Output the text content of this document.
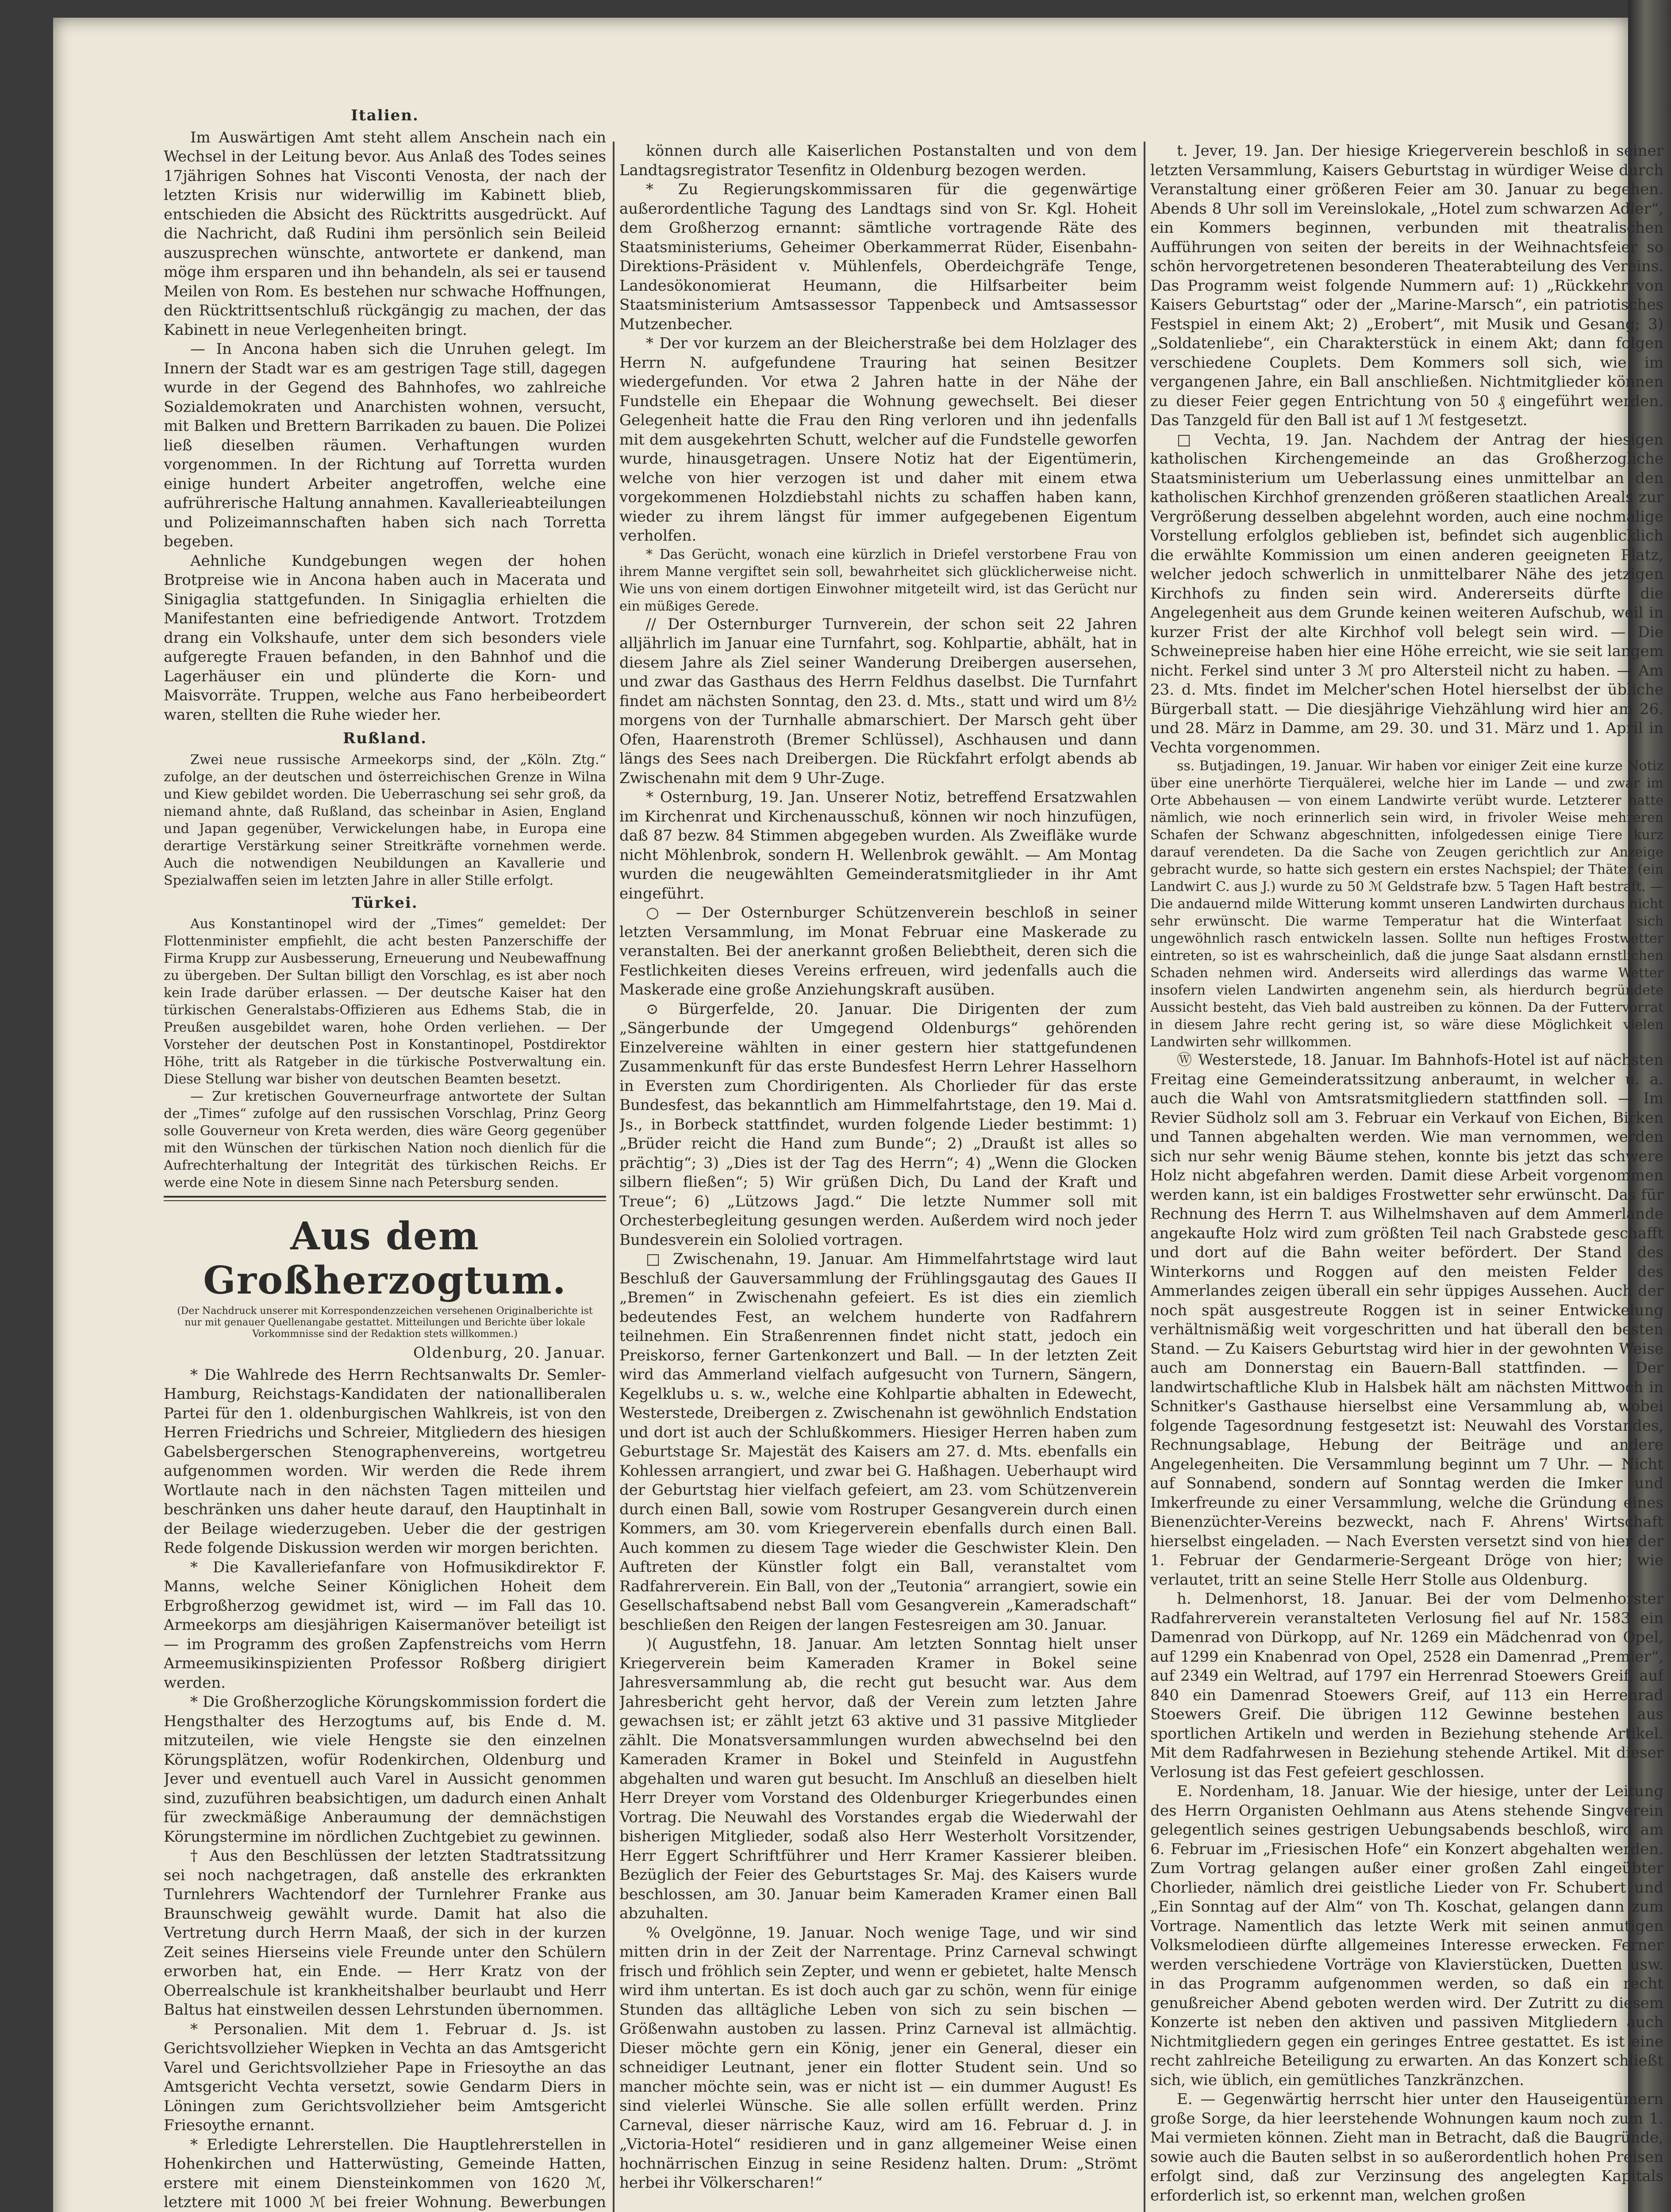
Italien.

Im Auswärtigen Amt steht allem Anschein nach ein Wechsel in der Leitung bevor. Aus Anlaß des Todes seines 17jährigen Sohnes hat Visconti Venosta, der nach der letzten Krisis nur widerwillig im Kabinett blieb, entschieden die Absicht des Rücktritts ausgedrückt. Auf die Nachricht, daß Rudini ihm persönlich sein Beileid auszusprechen wünschte, antwortete er dankend, man möge ihm ersparen und ihn behandeln, als sei er tausend Meilen von Rom. Es bestehen nur schwache Hoffnungen, den Rücktrittsentschluß rückgängig zu machen, der das Kabinett in neue Verlegenheiten bringt.

— In Ancona haben sich die Unruhen gelegt. Im Innern der Stadt war es am gestrigen Tage still, dagegen wurde in der Gegend des Bahnhofes, wo zahlreiche Sozialdemokraten und Anarchisten wohnen, versucht, mit Balken und Brettern Barrikaden zu bauen. Die Polizei ließ dieselben räumen. Verhaftungen wurden vorgenommen. In der Richtung auf Torretta wurden einige hundert Arbeiter angetroffen, welche eine aufrührerische Haltung annahmen. Kavallerieabteilungen und Polizeimannschaften haben sich nach Torretta begeben.

Aehnliche Kundgebungen wegen der hohen Brotpreise wie in Ancona haben auch in Macerata und Sinigaglia stattgefunden. In Sinigaglia erhielten die Manifestanten eine befriedigende Antwort. Trotzdem drang ein Volkshaufe, unter dem sich besonders viele aufgeregte Frauen befanden, in den Bahnhof und die Lagerhäuser ein und plünderte die Korn- und Maisvorräte. Truppen, welche aus Fano herbeibeordert waren, stellten die Ruhe wieder her.

Rußland.

Zwei neue russische Armeekorps sind, der „Köln. Ztg.“ zufolge, an der deutschen und österreichischen Grenze in Wilna und Kiew gebildet worden. Die Ueberraschung sei sehr groß, da niemand ahnte, daß Rußland, das scheinbar in Asien, England und Japan gegenüber, Verwickelungen habe, in Europa eine derartige Verstärkung seiner Streitkräfte vornehmen werde. Auch die notwendigen Neubildungen an Kavallerie und Spezialwaffen seien im letzten Jahre in aller Stille erfolgt.

Türkei.

Aus Konstantinopel wird der „Times“ gemeldet: Der Flottenminister empfiehlt, die acht besten Panzerschiffe der Firma Krupp zur Ausbesserung, Erneuerung und Neubewaffnung zu übergeben. Der Sultan billigt den Vorschlag, es ist aber noch kein Irade darüber erlassen. — Der deutsche Kaiser hat den türkischen Generalstabs-Offizieren aus Edhems Stab, die in Preußen ausgebildet waren, hohe Orden verliehen. — Der Vorsteher der deutschen Post in Konstantinopel, Postdirektor Höhe, tritt als Ratgeber in die türkische Postverwaltung ein. Diese Stellung war bisher von deutschen Beamten besetzt.

— Zur kretischen Gouverneurfrage antwortete der Sultan der „Times“ zufolge auf den russischen Vorschlag, Prinz Georg solle Gouverneur von Kreta werden, dies wäre Georg gegenüber mit den Wünschen der türkischen Nation noch dienlich für die Aufrechterhaltung der Integrität des türkischen Reichs. Er werde eine Note in diesem Sinne nach Petersburg senden.

Aus dem Großherzogtum.
(Der Nachdruck unserer mit Korrespondenzzeichen versehenen Originalberichte ist nur mit genauer Quellenangabe gestattet. Mitteilungen und Berichte über lokale Vorkommnisse sind der Redaktion stets willkommen.)
Oldenburg, 20. Januar.

* Die Wahlrede des Herrn Rechtsanwalts Dr. Semler-Hamburg, Reichstags-Kandidaten der nationalliberalen Partei für den 1. oldenburgischen Wahlkreis, ist von den Herren Friedrichs und Schreier, Mitgliedern des hiesigen Gabelsbergerschen Stenographenvereins, wortgetreu aufgenommen worden. Wir werden die Rede ihrem Wortlaute nach in den nächsten Tagen mitteilen und beschränken uns daher heute darauf, den Hauptinhalt in der Beilage wiederzugeben. Ueber die der gestrigen Rede folgende Diskussion werden wir morgen berichten.

* Die Kavalleriefanfare von Hofmusikdirektor F. Manns, welche Seiner Königlichen Hoheit dem Erbgroßherzog gewidmet ist, wird — im Fall das 10. Armeekorps am diesjährigen Kaisermanöver beteiligt ist — im Programm des großen Zapfenstreichs vom Herrn Armeemusikinspizienten Professor Roßberg dirigiert werden.

* Die Großherzogliche Körungskommission fordert die Hengsthalter des Herzogtums auf, bis Ende d. M. mitzuteilen, wie viele Hengste sie den einzelnen Körungsplätzen, wofür Rodenkirchen, Oldenburg und Jever und eventuell auch Varel in Aussicht genommen sind, zuzuführen beabsichtigen, um dadurch einen Anhalt für zweckmäßige Anberaumung der demnächstigen Körungstermine im nördlichen Zuchtgebiet zu gewinnen.

† Aus den Beschlüssen der letzten Stadtratssitzung sei noch nachgetragen, daß anstelle des erkrankten Turnlehrers Wachtendorf der Turnlehrer Franke aus Braunschweig gewählt wurde. Damit hat also die Vertretung durch Herrn Maaß, der sich in der kurzen Zeit seines Hierseins viele Freunde unter den Schülern erworben hat, ein Ende. — Herr Kratz von der Oberrealschule ist krankheitshalber beurlaubt und Herr Baltus hat einstweilen dessen Lehrstunden übernommen.

* Personalien. Mit dem 1. Februar d. Js. ist Gerichtsvollzieher Wiepken in Vechta an das Amtsgericht Varel und Gerichtsvollzieher Pape in Friesoythe an das Amtsgericht Vechta versetzt, sowie Gendarm Diers in Löningen zum Gerichtsvollzieher beim Amtsgericht Friesoythe ernannt.

* Erledigte Lehrerstellen. Die Hauptlehrerstellen in Hohenkirchen und Hatterwüsting, Gemeinde Hatten, erstere mit einem Diensteinkommen von 1620 ℳ, letztere mit 1000 ℳ bei freier Wohnung. Bewerbungen

können durch alle Kaiserlichen Postanstalten und von dem Landtagsregistrator Tesenfitz in Oldenburg bezogen werden.

* Zu Regierungskommissaren für die gegenwärtige außerordentliche Tagung des Landtags sind von Sr. Kgl. Hoheit dem Großherzog ernannt: sämtliche vortragende Räte des Staatsministeriums, Geheimer Oberkammerrat Rüder, Eisenbahn-Direktions-Präsident v. Mühlenfels, Oberdeichgräfe Tenge, Landesökonomierat Heumann, die Hilfsarbeiter beim Staatsministerium Amtsassessor Tappenbeck und Amtsassessor Mutzenbecher.

* Der vor kurzem an der Bleicherstraße bei dem Holzlager des Herrn N. aufgefundene Trauring hat seinen Besitzer wiedergefunden. Vor etwa 2 Jahren hatte in der Nähe der Fundstelle ein Ehepaar die Wohnung gewechselt. Bei dieser Gelegenheit hatte die Frau den Ring verloren und ihn jedenfalls mit dem ausgekehrten Schutt, welcher auf die Fundstelle geworfen wurde, hinausgetragen. Unsere Notiz hat der Eigentümerin, welche von hier verzogen ist und daher mit einem etwa vorgekommenen Holzdiebstahl nichts zu schaffen haben kann, wieder zu ihrem längst für immer aufgegebenen Eigentum verholfen.

* Das Gerücht, wonach eine kürzlich in Driefel verstorbene Frau von ihrem Manne vergiftet sein soll, bewahrheitet sich glücklicherweise nicht. Wie uns von einem dortigen Einwohner mitgeteilt wird, ist das Gerücht nur ein müßiges Gerede.

// Der Osternburger Turnverein, der schon seit 22 Jahren alljährlich im Januar eine Turnfahrt, sog. Kohlpartie, abhält, hat in diesem Jahre als Ziel seiner Wanderung Dreibergen ausersehen, und zwar das Gasthaus des Herrn Feldhus daselbst. Die Turnfahrt findet am nächsten Sonntag, den 23. d. Mts., statt und wird um 8½ morgens von der Turnhalle abmarschiert. Der Marsch geht über Ofen, Haarenstroth (Bremer Schlüssel), Aschhausen und dann längs des Sees nach Dreibergen. Die Rückfahrt erfolgt abends ab Zwischenahn mit dem 9 Uhr-Zuge.

* Osternburg, 19. Jan. Unserer Notiz, betreffend Ersatzwahlen im Kirchenrat und Kirchenausschuß, können wir noch hinzufügen, daß 87 bezw. 84 Stimmen abgegeben wurden. Als Zweifläke wurde nicht Möhlenbrok, sondern H. Wellenbrok gewählt. — Am Montag wurden die neugewählten Gemeinderatsmitglieder in ihr Amt eingeführt.

○ — Der Osternburger Schützenverein beschloß in seiner letzten Versammlung, im Monat Februar eine Maskerade zu veranstalten. Bei der anerkannt großen Beliebtheit, deren sich die Festlichkeiten dieses Vereins erfreuen, wird jedenfalls auch die Maskerade eine große Anziehungskraft ausüben.

⊙ Bürgerfelde, 20. Januar. Die Dirigenten der zum „Sängerbunde der Umgegend Oldenburgs“ gehörenden Einzelvereine wählten in einer gestern hier stattgefundenen Zusammenkunft für das erste Bundesfest Herrn Lehrer Hasselhorn in Eversten zum Chordirigenten. Als Chorlieder für das erste Bundesfest, das bekanntlich am Himmelfahrtstage, den 19. Mai d. Js., in Borbeck stattfindet, wurden folgende Lieder bestimmt: 1) „Brüder reicht die Hand zum Bunde“; 2) „Draußt ist alles so prächtig“; 3) „Dies ist der Tag des Herrn“; 4) „Wenn die Glocken silbern fließen“; 5) Wir grüßen Dich, Du Land der Kraft und Treue“; 6) „Lützows Jagd.“ Die letzte Nummer soll mit Orchesterbegleitung gesungen werden. Außerdem wird noch jeder Bundesverein ein Sololied vortragen.

□ Zwischenahn, 19. Januar. Am Himmelfahrtstage wird laut Beschluß der Gauversammlung der Frühlingsgautag des Gaues II „Bremen“ in Zwischenahn gefeiert. Es ist dies ein ziemlich bedeutendes Fest, an welchem hunderte von Radfahrern teilnehmen. Ein Straßenrennen findet nicht statt, jedoch ein Preiskorso, ferner Gartenkonzert und Ball. — In der letzten Zeit wird das Ammerland vielfach aufgesucht von Turnern, Sängern, Kegelklubs u. s. w., welche eine Kohlpartie abhalten in Edewecht, Westerstede, Dreibergen z. Zwischenahn ist gewöhnlich Endstation und dort ist auch der Schlußkommers. Hiesiger Herren haben zum Geburtstage Sr. Majestät des Kaisers am 27. d. Mts. ebenfalls ein Kohlessen arrangiert, und zwar bei G. Haßhagen. Ueberhaupt wird der Geburtstag hier vielfach gefeiert, am 23. vom Schützenverein durch einen Ball, sowie vom Rostruper Gesangverein durch einen Kommers, am 30. vom Kriegerverein ebenfalls durch einen Ball. Auch kommen zu diesem Tage wieder die Geschwister Klein. Den Auftreten der Künstler folgt ein Ball, veranstaltet vom Radfahrerverein. Ein Ball, von der „Teutonia“ arrangiert, sowie ein Gesellschaftsabend nebst Ball vom Gesangverein „Kameradschaft“ beschließen den Reigen der langen Festesreigen am 30. Januar.

)( Augustfehn, 18. Januar. Am letzten Sonntag hielt unser Kriegerverein beim Kameraden Kramer in Bokel seine Jahresversammlung ab, die recht gut besucht war. Aus dem Jahresbericht geht hervor, daß der Verein zum letzten Jahre gewachsen ist; er zählt jetzt 63 aktive und 31 passive Mitglieder zählt. Die Monatsversammlungen wurden abwechselnd bei den Kameraden Kramer in Bokel und Steinfeld in Augustfehn abgehalten und waren gut besucht. Im Anschluß an dieselben hielt Herr Dreyer vom Vorstand des Oldenburger Kriegerbundes einen Vortrag. Die Neuwahl des Vorstandes ergab die Wiederwahl der bisherigen Mitglieder, sodaß also Herr Westerholt Vorsitzender, Herr Eggert Schriftführer und Herr Kramer Kassierer bleiben. Bezüglich der Feier des Geburtstages Sr. Maj. des Kaisers wurde beschlossen, am 30. Januar beim Kameraden Kramer einen Ball abzuhalten.

% Ovelgönne, 19. Januar. Noch wenige Tage, und wir sind mitten drin in der Zeit der Narrentage. Prinz Carneval schwingt frisch und fröhlich sein Zepter, und wenn er gebietet, halte Mensch wird ihm untertan. Es ist doch auch gar zu schön, wenn für einige Stunden das alltägliche Leben von sich zu sein bischen — Größenwahn austoben zu lassen. Prinz Carneval ist allmächtig. Dieser möchte gern ein König, jener ein General, dieser ein schneidiger Leutnant, jener ein flotter Student sein. Und so mancher möchte sein, was er nicht ist — ein dummer August! Es sind vielerlei Wünsche. Sie alle sollen erfüllt werden. Prinz Carneval, dieser närrische Kauz, wird am 16. Februar d. J. in „Victoria-Hotel“ residieren und in ganz allgemeiner Weise einen hochnärrischen Einzug in seine Residenz halten. Drum: „Strömt herbei ihr Völkerscharen!“

t. Jever, 19. Jan. Der hiesige Kriegerverein beschloß in seiner letzten Versammlung, Kaisers Geburtstag in würdiger Weise durch Veranstaltung einer größeren Feier am 30. Januar zu begehen. Abends 8 Uhr soll im Vereinslokale, „Hotel zum schwarzen Adler“, ein Kommers beginnen, verbunden mit theatralischen Aufführungen von seiten der bereits in der Weihnachtsfeier so schön hervorgetretenen besonderen Theaterabteilung des Vereins. Das Programm weist folgende Nummern auf: 1) „Rückkehr von Kaisers Geburtstag“ oder der „Marine-Marsch“, ein patriotisches Festspiel in einem Akt; 2) „Erobert“, mit Musik und Gesang; 3) „Soldatenliebe“, ein Charakterstück in einem Akt; dann folgen verschiedene Couplets. Dem Kommers soll sich, wie im vergangenen Jahre, ein Ball anschließen. Nichtmitglieder können zu dieser Feier gegen Entrichtung von 50 ₰ eingeführt werden. Das Tanzgeld für den Ball ist auf 1 ℳ festgesetzt.

□ Vechta, 19. Jan. Nachdem der Antrag der hiesigen katholischen Kirchengemeinde an das Großherzogliche Staatsministerium um Ueberlassung eines unmittelbar an den katholischen Kirchhof grenzenden größeren staatlichen Areals zur Vergrößerung desselben abgelehnt worden, auch eine nochmalige Vorstellung erfolglos geblieben ist, befindet sich augenblicklich die erwählte Kommission um einen anderen geeigneten Platz, welcher jedoch schwerlich in unmittelbarer Nähe des jetzigen Kirchhofs zu finden sein wird. Andererseits dürfte die Angelegenheit aus dem Grunde keinen weiteren Aufschub, weil in kurzer Frist der alte Kirchhof voll belegt sein wird. — Die Schweinepreise haben hier eine Höhe erreicht, wie sie seit langem nicht. Ferkel sind unter 3 ℳ pro Altersteil nicht zu haben. — Am 23. d. Mts. findet im Melcher'schen Hotel hierselbst der übliche Bürgerball statt. — Die diesjährige Viehzählung wird hier am 26. und 28. März in Damme, am 29. 30. und 31. März und 1. April in Vechta vorgenommen.

ss. Butjadingen, 19. Januar. Wir haben vor einiger Zeit eine kurze Notiz über eine unerhörte Tierquälerei, welche hier im Lande — und zwar im Orte Abbehausen — von einem Landwirte verübt wurde. Letzterer hatte nämlich, wie noch erinnerlich sein wird, in frivoler Weise mehreren Schafen der Schwanz abgeschnitten, infolgedessen einige Tiere kurz darauf verendeten. Da die Sache von Zeugen gerichtlich zur Anzeige gebracht wurde, so hatte sich gestern ein erstes Nachspiel; der Thäter (ein Landwirt C. aus J.) wurde zu 50 ℳ Geldstrafe bzw. 5 Tagen Haft bestraft. — Die andauernd milde Witterung kommt unseren Landwirten durchaus nicht sehr erwünscht. Die warme Temperatur hat die Winterfaat sich ungewöhnlich rasch entwickeln lassen. Sollte nun heftiges Frostwetter eintreten, so ist es wahrscheinlich, daß die junge Saat alsdann ernstlichen Schaden nehmen wird. Anderseits wird allerdings das warme Wetter insofern vielen Landwirten angenehm sein, als hierdurch begründete Aussicht besteht, das Vieh bald austreiben zu können. Da der Futtervorrat in diesem Jahre recht gering ist, so wäre diese Möglichkeit vielen Landwirten sehr willkommen.

Ⓦ Westerstede, 18. Januar. Im Bahnhofs-Hotel ist auf nächsten Freitag eine Gemeinderatssitzung anberaumt, in welcher u. a. auch die Wahl von Amtsratsmitgliedern stattfinden soll. — Im Revier Südholz soll am 3. Februar ein Verkauf von Eichen, Birken und Tannen abgehalten werden. Wie man vernommen, werden sich nur sehr wenig Bäume stehen, konnte bis jetzt das schwere Holz nicht abgefahren werden. Damit diese Arbeit vorgenommen werden kann, ist ein baldiges Frostwetter sehr erwünscht. Das für Rechnung des Herrn T. aus Wilhelmshaven auf dem Ammerlande angekaufte Holz wird zum größten Teil nach Grabstede geschafft und dort auf die Bahn weiter befördert. Der Stand des Winterkorns und Roggen auf den meisten Felder des Ammerlandes zeigen überall ein sehr üppiges Aussehen. Auch der noch spät ausgestreute Roggen ist in seiner Entwickelung verhältnismäßig weit vorgeschritten und hat überall den besten Stand. — Zu Kaisers Geburtstag wird hier in der gewohnten Weise auch am Donnerstag ein Bauern-Ball stattfinden. — Der landwirtschaftliche Klub in Halsbek hält am nächsten Mittwoch in Schnitker's Gasthause hierselbst eine Versammlung ab, wobei folgende Tagesordnung festgesetzt ist: Neuwahl des Vorstandes, Rechnungsablage, Hebung der Beiträge und andere Angelegenheiten. Die Versammlung beginnt um 7 Uhr. — Nicht auf Sonnabend, sondern auf Sonntag werden die Imker und Imkerfreunde zu einer Versammlung, welche die Gründung eines Bienenzüchter-Vereins bezweckt, nach F. Ahrens' Wirtschaft hierselbst eingeladen. — Nach Eversten versetzt sind von hier der 1. Februar der Gendarmerie-Sergeant Dröge von hier; wie verlautet, tritt an seine Stelle Herr Stolle aus Oldenburg.

h. Delmenhorst, 18. Januar. Bei der vom Delmenhorster Radfahrerverein veranstalteten Verlosung fiel auf Nr. 1583 ein Damenrad von Dürkopp, auf Nr. 1269 ein Mädchenrad von Opel, auf 1299 ein Knabenrad von Opel, 2528 ein Damenrad „Premier“, auf 2349 ein Weltrad, auf 1797 ein Herrenrad Stoewers Greif, auf 840 ein Damenrad Stoewers Greif, auf 113 ein Herrenrad Stoewers Greif. Die übrigen 112 Gewinne bestehen aus sportlichen Artikeln und werden in Beziehung stehende Artikel. Mit dem Radfahrwesen in Beziehung stehende Artikel. Mit dieser Verlosung ist das Fest gefeiert geschlossen.

E. Nordenham, 18. Januar. Wie der hiesige, unter der Leitung des Herrn Organisten Oehlmann aus Atens stehende Singverein gelegentlich seines gestrigen Uebungsabends beschloß, wird am 6. Februar im „Friesischen Hofe“ ein Konzert abgehalten werden. Zum Vortrag gelangen außer einer großen Zahl eingeübter Chorlieder, nämlich drei geistliche Lieder von Fr. Schubert und „Ein Sonntag auf der Alm“ von Th. Koschat, gelangen dann zum Vortrage. Namentlich das letzte Werk mit seinen anmutigen Volksmelodieen dürfte allgemeines Interesse erwecken. Ferner werden verschiedene Vorträge von Klavierstücken, Duetten usw. in das Programm aufgenommen werden, so daß ein recht genußreicher Abend geboten werden wird. Der Zutritt zu diesem Konzerte ist neben den aktiven und passiven Mitgliedern auch Nichtmitgliedern gegen ein geringes Entree gestattet. Es ist eine recht zahlreiche Beteiligung zu erwarten. An das Konzert schließt sich, wie üblich, ein gemütliches Tanzkränzchen.

E. — Gegenwärtig herrscht hier unter den Hauseigentümern große Sorge, da hier leerstehende Wohnungen kaum noch zum 1. Mai vermieten können. Zieht man in Betracht, daß die Baugründe, sowie auch die Bauten selbst in so außerordentlich hohen Preisen erfolgt sind, daß zur Verzinsung des angelegten Kapitals erforderlich ist, so erkennt man, welchen großen
